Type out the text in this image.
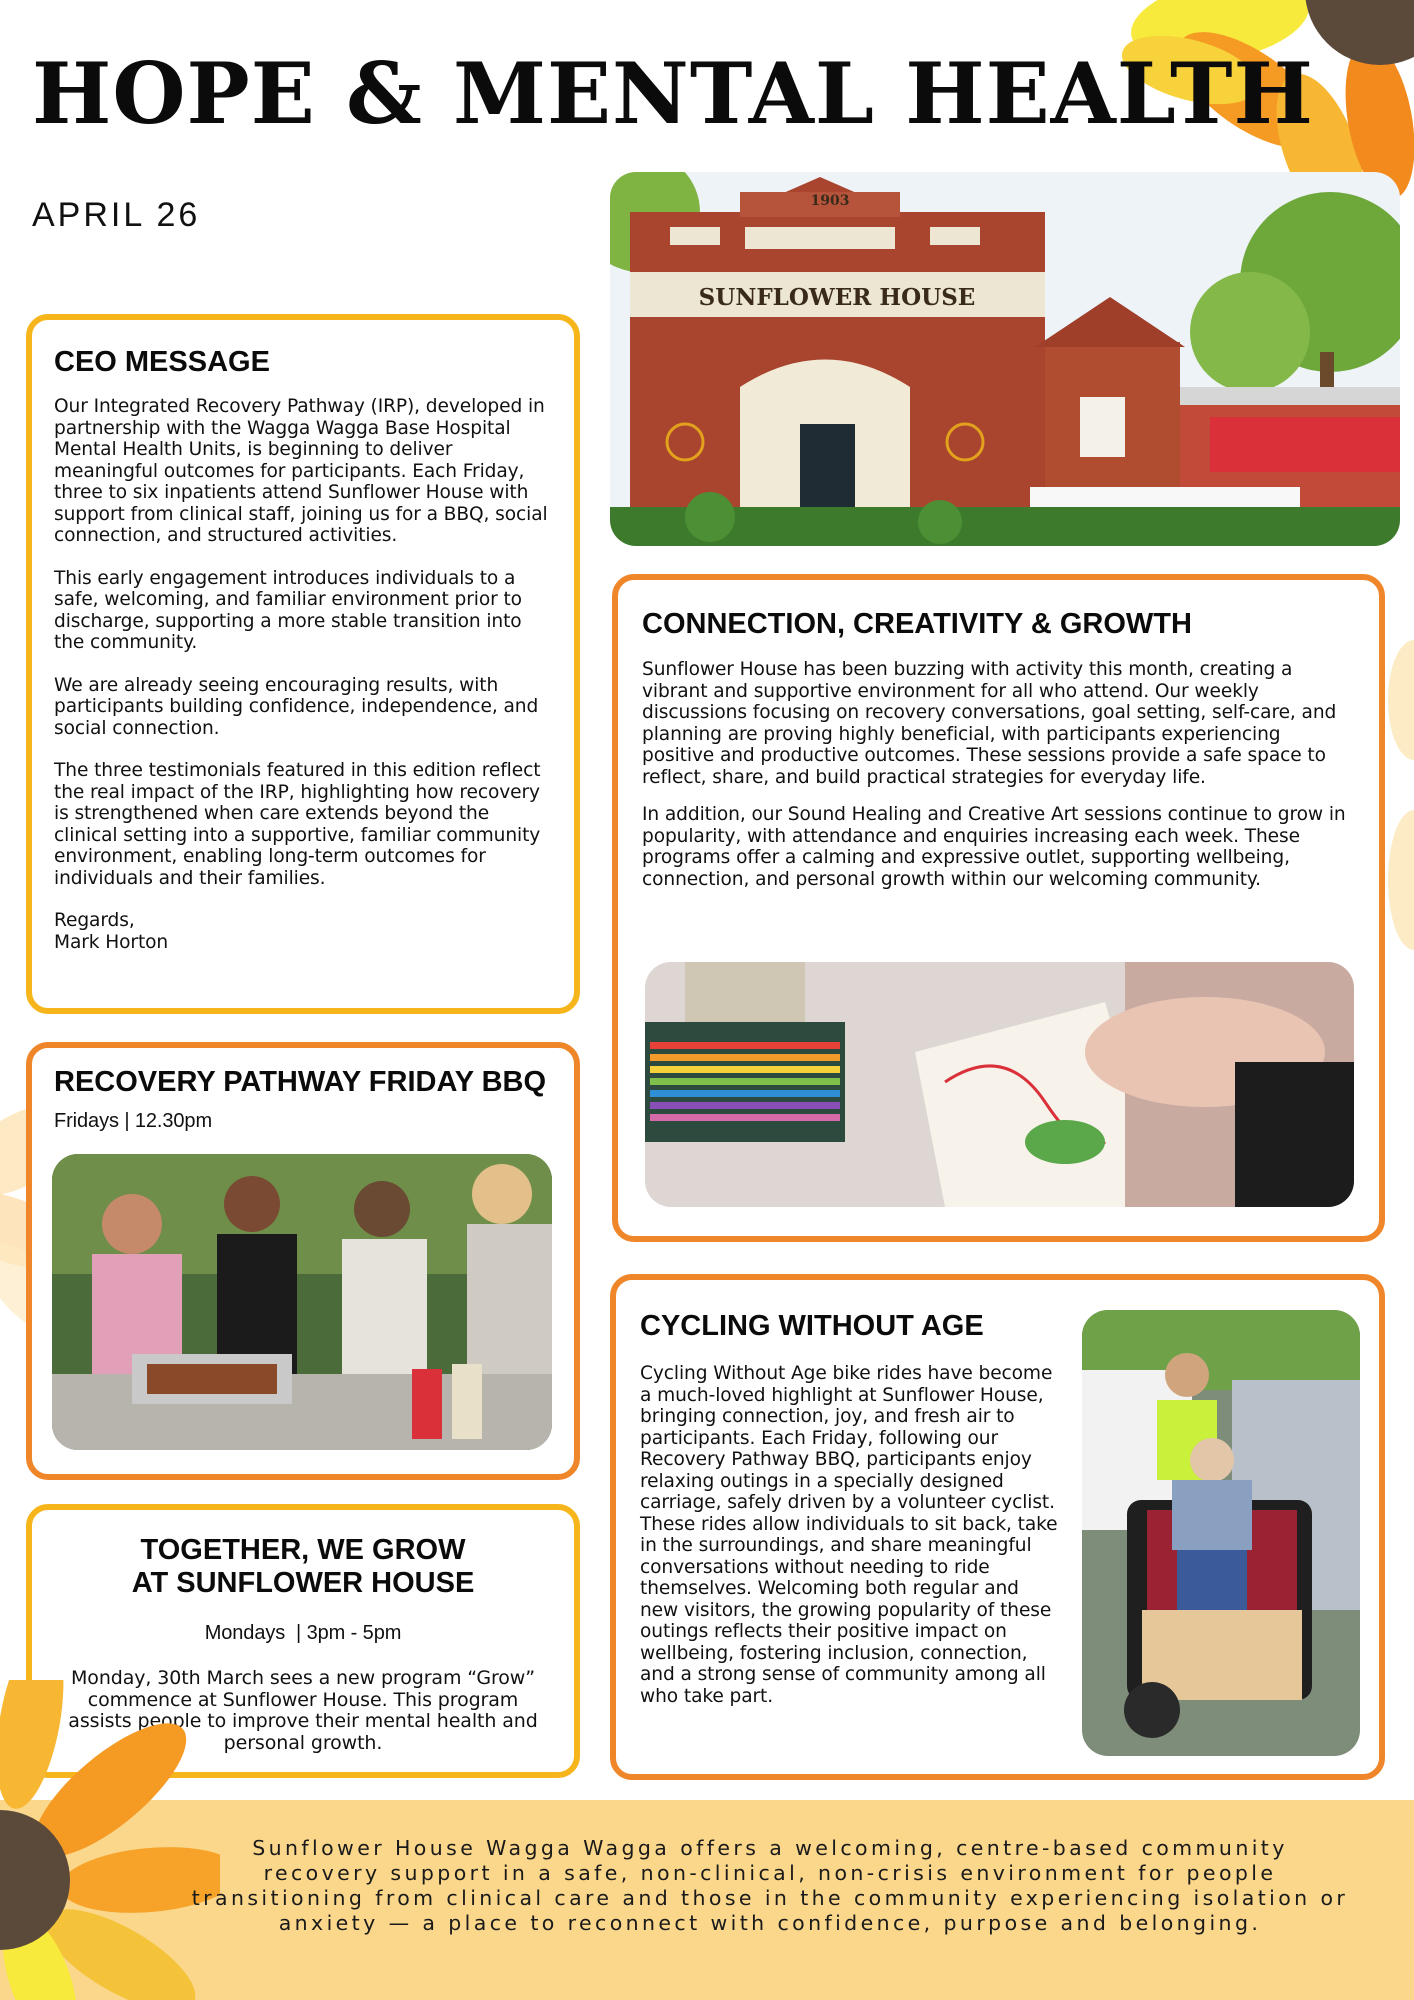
HOPE & MENTAL HEALTH
APRIL 26
SUNFLOWER HOUSE
1903
CEO MESSAGE

Our Integrated Recovery Pathway (IRP), developed in partnership with the Wagga Wagga Base Hospital Mental Health Units, is beginning to deliver meaningful outcomes for participants. Each Friday, three to six inpatients attend Sunflower House with support from clinical staff, joining us for a BBQ, social connection, and structured activities.

This early engagement introduces individuals to a safe, welcoming, and familiar environment prior to discharge, supporting a more stable transition into the community.

We are already seeing encouraging results, with participants building confidence, independence, and social connection.

The three testimonials featured in this edition reflect the real impact of the IRP, highlighting how recovery is strengthened when care extends beyond the clinical setting into a supportive, familiar community environment, enabling long-term outcomes for individuals and their families.

Regards,

Mark Horton

CONNECTION, CREATIVITY & GROWTH

Sunflower House has been buzzing with activity this month, creating a vibrant and supportive environment for all who attend. Our weekly discussions focusing on recovery conversations, goal setting, self-care, and planning are proving highly beneficial, with participants experiencing positive and productive outcomes. These sessions provide a safe space to reflect, share, and build practical strategies for everyday life.

In addition, our Sound Healing and Creative Art sessions continue to grow in popularity, with attendance and enquiries increasing each week. These programs offer a calming and expressive outlet, supporting wellbeing, connection, and personal growth within our welcoming community.

RECOVERY PATHWAY FRIDAY BBQ

Fridays | 12.30pm

TOGETHER, WE GROW
AT SUNFLOWER HOUSE

Mondays  | 3pm - 5pm

Monday, 30th March sees a new program “Grow” commence at Sunflower House. This program assists people to improve their mental health and personal growth.

CYCLING WITHOUT AGE

Cycling Without Age bike rides have become a much-loved highlight at Sunflower House, bringing connection, joy, and fresh air to participants. Each Friday, following our Recovery Pathway BBQ, participants enjoy relaxing outings in a specially designed carriage, safely driven by a volunteer cyclist. These rides allow individuals to sit back, take in the surroundings, and share meaningful conversations without needing to ride themselves. Welcoming both regular and new visitors, the growing popularity of these outings reflects their positive impact on wellbeing, fostering inclusion, connection, and a strong sense of community among all who take part.

Sunflower House Wagga Wagga offers a welcoming, centre-based community recovery support in a safe, non-clinical, non-crisis environment for people transitioning from clinical care and those in the community experiencing isolation or anxiety — a place to reconnect with confidence, purpose and belonging.
